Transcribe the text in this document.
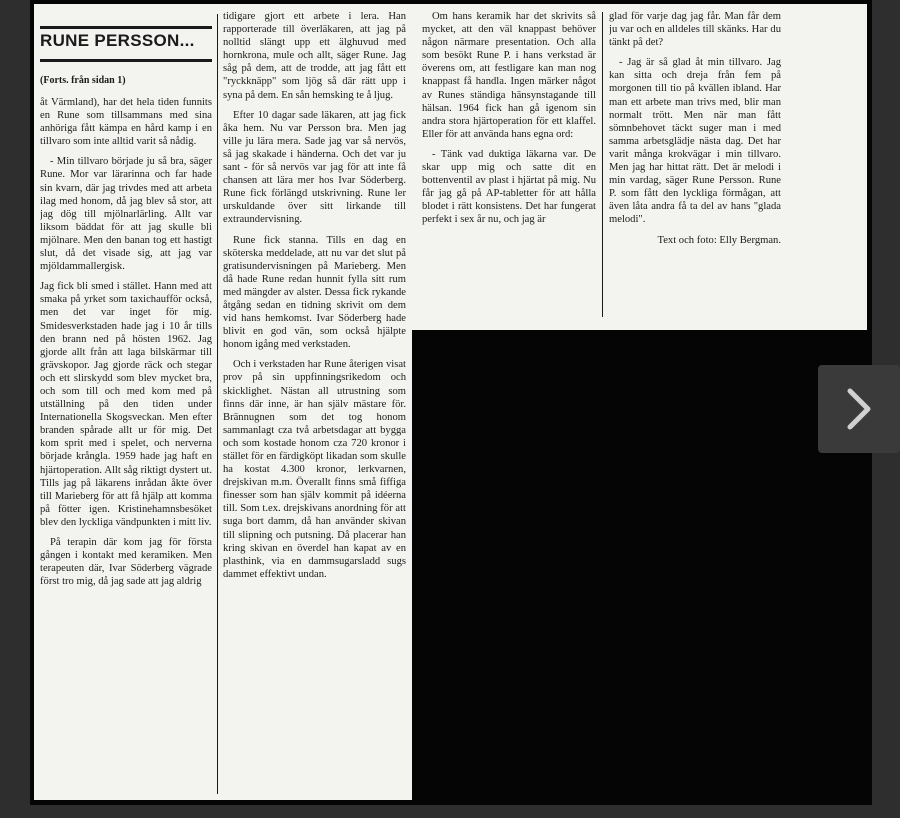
RUNE PERSSON...
(Forts. från sidan 1)

åt Värmland), har det hela tiden funnits en Rune som tillsammans med sina anhöriga fått kämpa en hård kamp i en tillvaro som inte alltid varit så nådig.

- Min tillvaro började ju så bra, säger Rune. Mor var lärarinna och far hade sin kvarn, där jag trivdes med att arbeta ilag med honom, då jag blev så stor, att jag dög till mjölnarlärling. Allt var liksom bäddat för att jag skulle bli mjölnare. Men den banan tog ett hastigt slut, då det visade sig, att jag var mjöldammallergisk.

Jag fick bli smed i stället. Hann med att smaka på yrket som taxichaufför också, men det var inget för mig. Smidesverkstaden hade jag i 10 år tills den brann ned på hösten 1962. Jag gjorde allt från att laga bilskärmar till grävskopor. Jag gjorde räck och stegar och ett slirskydd som blev mycket bra, och som till och med kom med på utställning på den tiden under Internationella Skogsveckan. Men efter branden spårade allt ur för mig. Det kom sprit med i spelet, och nerverna började krångla. 1959 hade jag haft en hjärtoperation. Allt såg riktigt dystert ut. Tills jag på läkarens inrådan åkte över till Marieberg för att få hjälp att komma på fötter igen. Kristinehamnsbesöket blev den lyckliga vändpunkten i mitt liv.

På terapin där kom jag för första gången i kontakt med keramiken. Men terapeuten där, Ivar Söderberg vägrade först tro mig, då jag sade att jag aldrig

tidigare gjort ett arbete i lera. Han rapporterade till överläkaren, att jag på nolltid slängt upp ett älghuvud med hornkrona, mule och allt, säger Rune. Jag såg på dem, att de trodde, att jag fått ett "ryckknäpp" som ljög så där rätt upp i syna på dem. En sån hemsking te å ljug.

Efter 10 dagar sade läkaren, att jag fick åka hem. Nu var Persson bra. Men jag ville ju lära mera. Sade jag var så nervös, så jag skakade i händerna. Och det var ju sant - för så nervös var jag för att inte få chansen att lära mer hos Ivar Söderberg. Rune fick förlängd utskrivning. Rune ler urskuldande över sitt lirkande till extraundervisning.

Rune fick stanna. Tills en dag en sköterska meddelade, att nu var det slut på gratisundervisningen på Marieberg. Men då hade Rune redan hunnit fylla sitt rum med mängder av alster. Dessa fick rykande åtgång sedan en tidning skrivit om dem vid hans hemkomst. Ivar Söderberg hade blivit en god vän, som också hjälpte honom igång med verkstaden.

Och i verkstaden har Rune återigen visat prov på sin uppfinningsrikedom och skicklighet. Nästan all utrustning som finns där inne, är han själv mästare för. Brännugnen som det tog honom sammanlagt cza två arbetsdagar att bygga och som kostade honom cza 720 kronor i stället för en färdigköpt likadan som skulle ha kostat 4.300 kronor, lerkvarnen, drejskivan m.m. Överallt finns små fiffiga finesser som han själv kommit på idéerna till. Som t.ex. drejskivans anordning för att suga bort damm, då han använder skivan till slipning och putsning. Då placerar han kring skivan en överdel han kapat av en plasthink, via en dammsugarsladd sugs dammet effektivt undan.

Om hans keramik har det skrivits så mycket, att den väl knappast behöver någon närmare presentation. Och alla som besökt Rune P. i hans verkstad är överens om, att festligare kan man nog knappast få handla. Ingen märker något av Runes ständiga hänsynstagande till hälsan. 1964 fick han gå igenom sin andra stora hjärtoperation för ett klaffel. Eller för att använda hans egna ord:

- Tänk vad duktiga läkarna var. De skar upp mig och satte dit en bottenventil av plast i hjärtat på mig. Nu får jag gå på AP-tabletter för att hålla blodet i rätt konsistens. Det har fungerat perfekt i sex år nu, och jag är

glad för varje dag jag får. Man får dem ju var och en alldeles till skänks. Har du tänkt på det?

- Jag är så glad åt min tillvaro. Jag kan sitta och dreja från fem på morgonen till tio på kvällen ibland. Har man ett arbete man trivs med, blir man normalt trött. Men när man fått sömnbehovet täckt suger man i med samma arbetsglädje nästa dag. Det har varit många krokvägar i min tillvaro. Men jag har hittat rätt. Det är melodi i min vardag, säger Rune Persson. Rune P. som fått den lyckliga förmågan, att även låta andra få ta del av hans "glada melodi".

Text och foto: Elly Bergman.
